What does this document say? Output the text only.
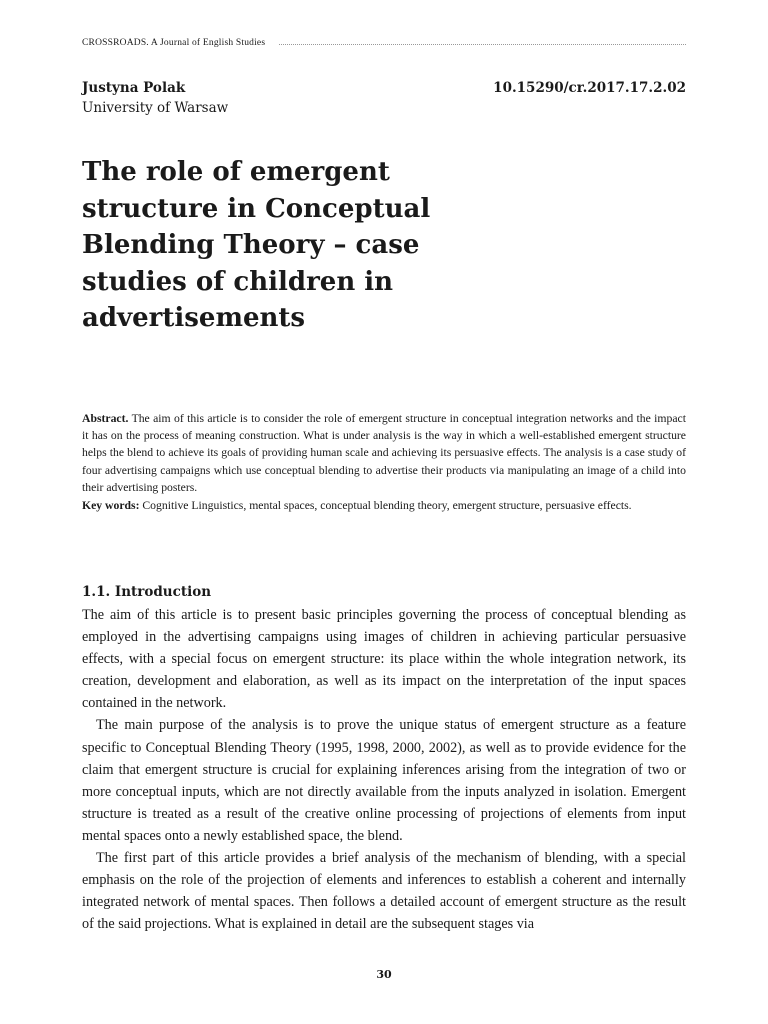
CROSSROADS. A Journal of English Studies
Justyna Polak	10.15290/cr.2017.17.2.02
University of Warsaw
The role of emergent structure in Conceptual Blending Theory – case studies of children in advertisements

Abstract. The aim of this article is to consider the role of emergent structure in conceptual integration networks and the impact it has on the process of meaning construction. What is under analysis is the way in which a well-established emergent structure helps the blend to achieve its goals of providing human scale and achieving its persuasive effects. The analysis is a case study of four advertising campaigns which use conceptual blending to advertise their products via manipulating an image of a child into their advertising posters.

Key words: Cognitive Linguistics, mental spaces, conceptual blending theory, emergent structure, persuasive effects.

1.1. Introduction

The aim of this article is to present basic principles governing the process of conceptual blending as employed in the advertising campaigns using images of children in achieving particular persuasive effects, with a special focus on emergent structure: its place within the whole integration network, its creation, development and elaboration, as well as its impact on the interpretation of the input spaces contained in the network.

The main purpose of the analysis is to prove the unique status of emergent structure as a feature specific to Conceptual Blending Theory (1995, 1998, 2000, 2002), as well as to provide evidence for the claim that emergent structure is crucial for explaining inferences arising from the integration of two or more conceptual inputs, which are not directly available from the inputs analyzed in isolation. Emergent structure is treated as a result of the creative online processing of projections of elements from input mental spaces onto a newly established space, the blend.

The first part of this article provides a brief analysis of the mechanism of blending, with a special emphasis on the role of the projection of elements and inferences to establish a coherent and internally integrated network of mental spaces. Then follows a detailed account of emergent structure as the result of the said projections. What is explained in detail are the subsequent stages via

30
